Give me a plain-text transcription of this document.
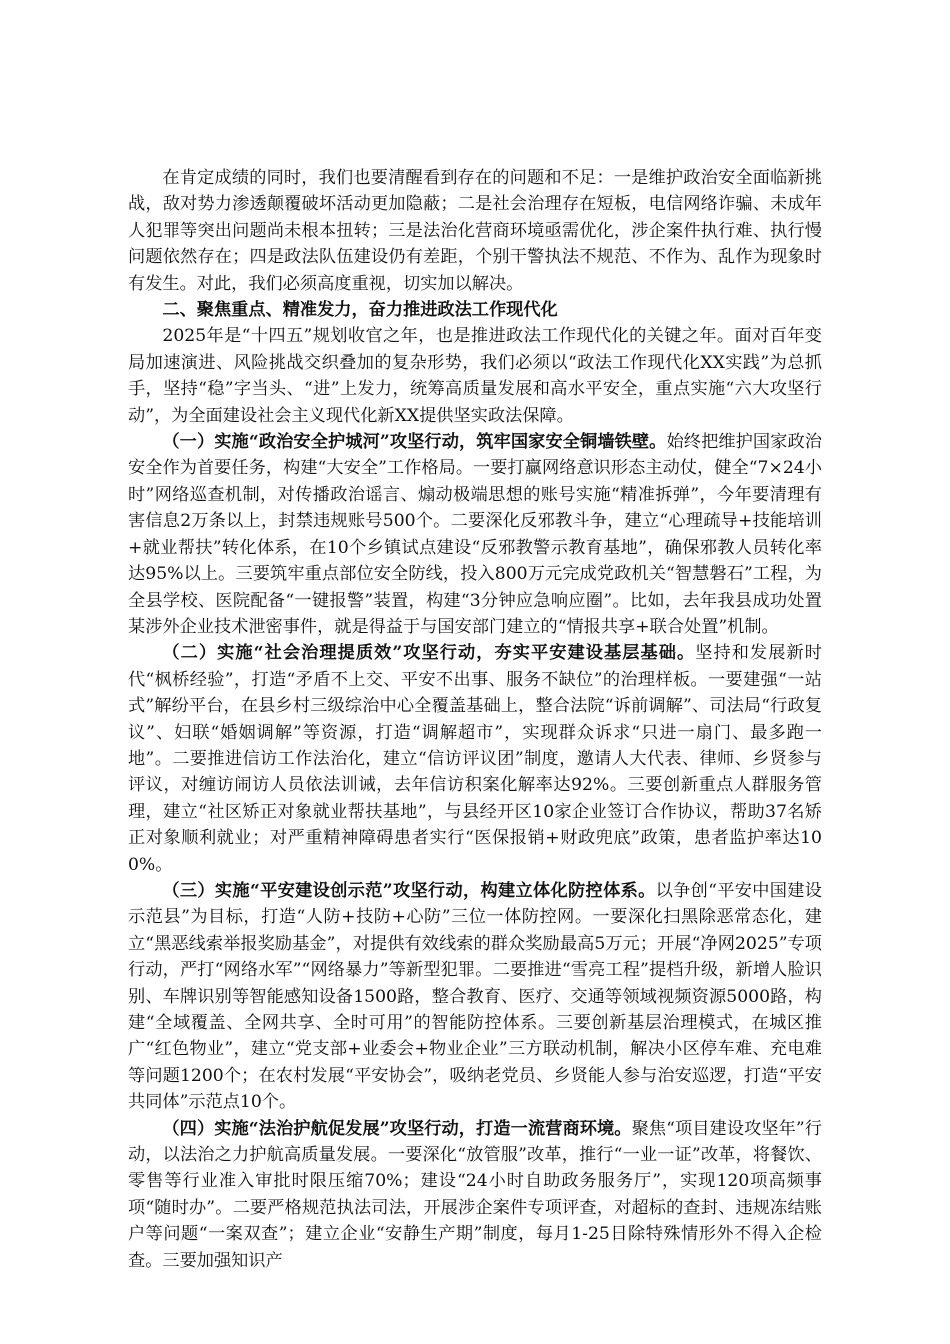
在肯定成绩的同时，我们也要清醒看到存在的问题和不足：一是维护政治安全面临新挑战，敌对势力渗透颠覆破坏活动更加隐蔽；二是社会治理存在短板，电信网络诈骗、未成年人犯罪等突出问题尚未根本扭转；三是法治化营商环境亟需优化，涉企案件执行难、执行慢问题依然存在；四是政法队伍建设仍有差距，个别干警执法不规范、不作为、乱作为现象时有发生。对此，我们必须高度重视，切实加以解决。

二、聚焦重点、精准发力，奋力推进政法工作现代化

2025年是“十四五”规划收官之年，也是推进政法工作现代化的关键之年。面对百年变局加速演进、风险挑战交织叠加的复杂形势，我们必须以“政法工作现代化XX实践”为总抓手，坚持“稳”字当头、“进”上发力，统筹高质量发展和高水平安全，重点实施“六大攻坚行动”，为全面建设社会主义现代化新XX提供坚实政法保障。

（一）实施“政治安全护城河”攻坚行动，筑牢国家安全铜墙铁壁。始终把维护国家政治安全作为首要任务，构建“大安全”工作格局。一要打赢网络意识形态主动仗，健全“7×24小时”网络巡查机制，对传播政治谣言、煽动极端思想的账号实施“精准拆弹”，今年要清理有害信息2万条以上，封禁违规账号500个。二要深化反邪教斗争，建立“心理疏导+技能培训+就业帮扶”转化体系，在10个乡镇试点建设“反邪教警示教育基地”，确保邪教人员转化率达95%以上。三要筑牢重点部位安全防线，投入800万元完成党政机关“智慧磐石”工程，为全县学校、医院配备“一键报警”装置，构建“3分钟应急响应圈”。比如，去年我县成功处置某涉外企业技术泄密事件，就是得益于与国安部门建立的“情报共享+联合处置”机制。

（二）实施“社会治理提质效”攻坚行动，夯实平安建设基层基础。坚持和发展新时代“枫桥经验”，打造“矛盾不上交、平安不出事、服务不缺位”的治理样板。一要建强“一站式”解纷平台，在县乡村三级综治中心全覆盖基础上，整合法院“诉前调解”、司法局“行政复议”、妇联“婚姻调解”等资源，打造“调解超市”，实现群众诉求“只进一扇门、最多跑一地”。二要推进信访工作法治化，建立“信访评议团”制度，邀请人大代表、律师、乡贤参与评议，对缠访闹访人员依法训诫，去年信访积案化解率达92%。三要创新重点人群服务管理，建立“社区矫正对象就业帮扶基地”，与县经开区10家企业签订合作协议，帮助37名矫正对象顺利就业；对严重精神障碍患者实行“医保报销+财政兜底”政策，患者监护率达100%。

（三）实施“平安建设创示范”攻坚行动，构建立体化防控体系。以争创“平安中国建设示范县”为目标，打造“人防+技防+心防”三位一体防控网。一要深化扫黑除恶常态化，建立“黑恶线索举报奖励基金”，对提供有效线索的群众奖励最高5万元；开展“净网2025”专项行动，严打“网络水军”“网络暴力”等新型犯罪。二要推进“雪亮工程”提档升级，新增人脸识别、车牌识别等智能感知设备1500路，整合教育、医疗、交通等领域视频资源5000路，构建“全域覆盖、全网共享、全时可用”的智能防控体系。三要创新基层治理模式，在城区推广“红色物业”，建立“党支部+业委会+物业企业”三方联动机制，解决小区停车难、充电难等问题1200个；在农村发展“平安协会”，吸纳老党员、乡贤能人参与治安巡逻，打造“平安共同体”示范点10个。

（四）实施“法治护航促发展”攻坚行动，打造一流营商环境。聚焦“项目建设攻坚年”行动，以法治之力护航高质量发展。一要深化“放管服”改革，推行“一业一证”改革，将餐饮、零售等行业准入审批时限压缩70%；建设“24小时自助政务服务厅”，实现120项高频事项“随时办”。二要严格规范执法司法，开展涉企案件专项评查，对超标的查封、违规冻结账户等问题“一案双查”；建立企业“安静生产期”制度，每月1-25日除特殊情形外不得入企检查。三要加强知识产
